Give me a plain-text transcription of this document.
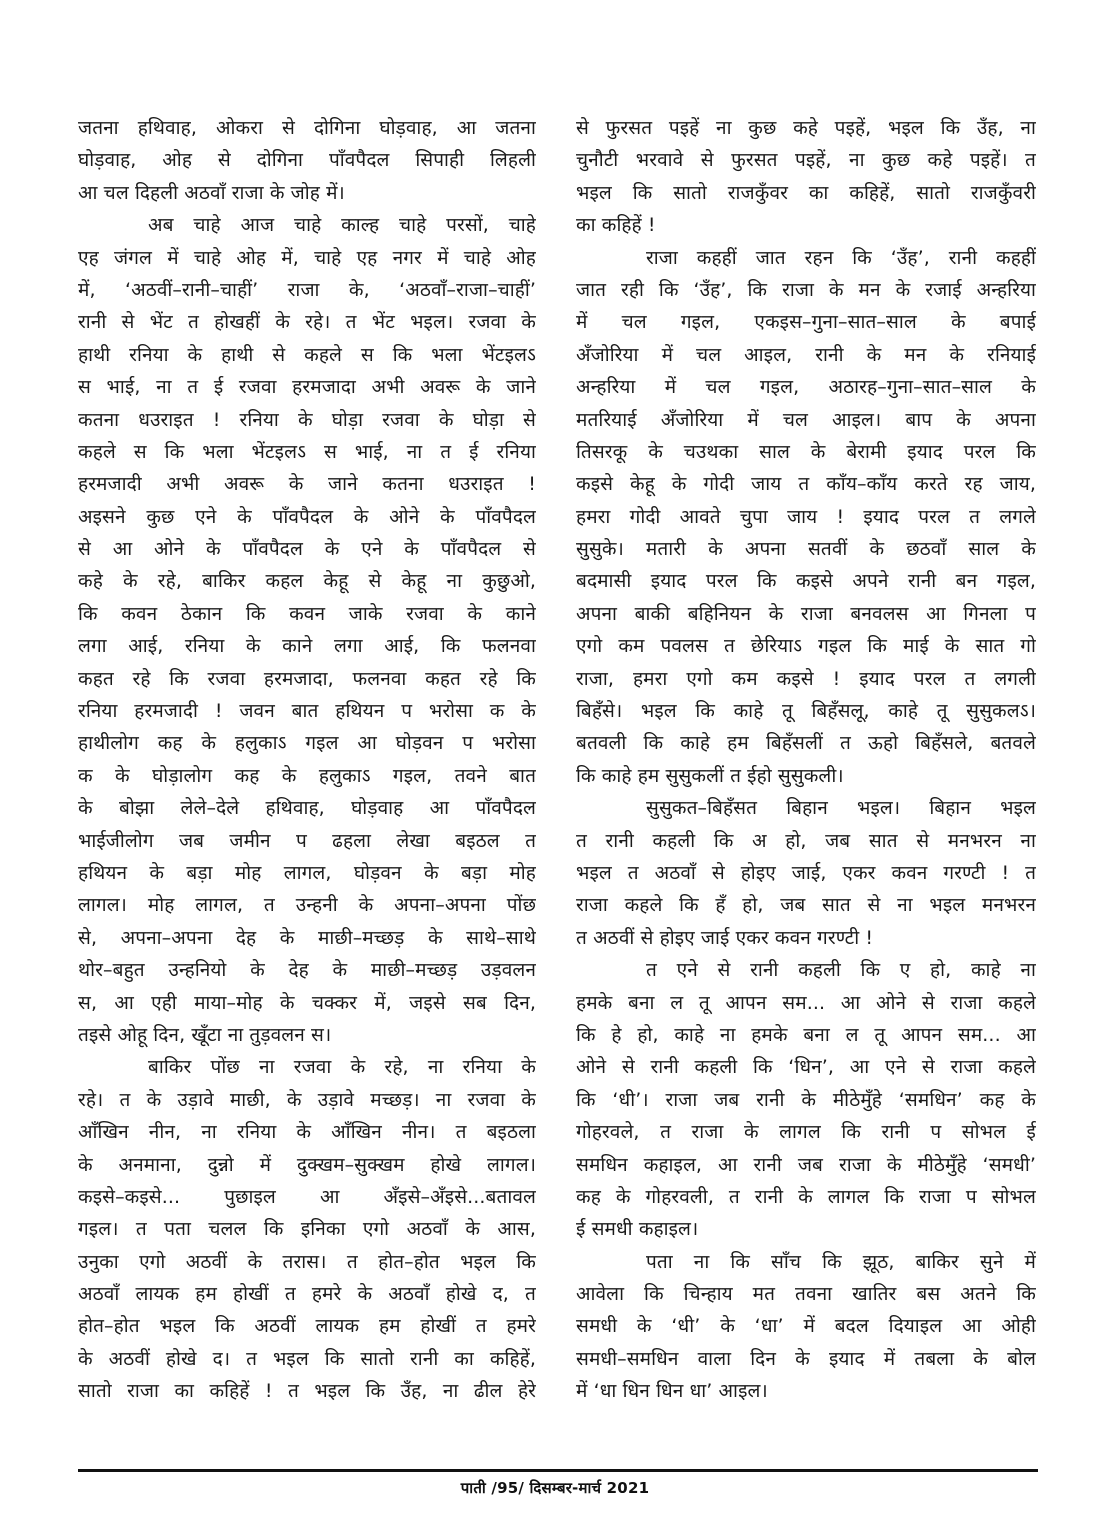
जतना हथिवाह, ओकरा से दोगिना घोड़वाह, आ जतना
घोड़वाह, ओह से दोगिना पाँवपैदल सिपाही लिहली
आ चल दिहली अठवाँ राजा के जोह में।
अब चाहे आज चाहे काल्ह चाहे परसों, चाहे
एह जंगल में चाहे ओह में, चाहे एह नगर में चाहे ओह
में, ‘अठवीं–रानी–चाहीं’ राजा के, ‘अठवाँ–राजा–चाहीं’
रानी से भेंट त होखहीं के रहे। त भेंट भइल। रजवा के
हाथी रनिया के हाथी से कहले स कि भला भेंटइलऽ
स भाई, ना त ई रजवा हरमजादा अभी अवरू के जाने
कतना धउराइत ! रनिया के घोड़ा रजवा के घोड़ा से
कहले स कि भला भेंटइलऽ स भाई, ना त ई रनिया
हरमजादी अभी अवरू के जाने कतना धउराइत !
अइसने कुछ एने के पाँवपैदल के ओने के पाँवपैदल
से आ ओने के पाँवपैदल के एने के पाँवपैदल से
कहे के रहे, बाकिर कहल केहू से केहू ना कुछुओ,
कि कवन ठेकान कि कवन जाके रजवा के काने
लगा आई, रनिया के काने लगा आई, कि फलनवा
कहत रहे कि रजवा हरमजादा, फलनवा कहत रहे कि
रनिया हरमजादी ! जवन बात हथियन प भरोसा क के
हाथीलोग कह के हलुकाऽ गइल आ घोड़वन प भरोसा
क के घोड़ालोग कह के हलुकाऽ गइल, तवने बात
के बोझा लेले–देले हथिवाह, घोड़वाह आ पाँवपैदल
भाईजीलोग जब जमीन प ढहला लेखा बइठल त
हथियन के बड़ा मोह लागल, घोड़वन के बड़ा मोह
लागल। मोह लागल, त उन्हनी के अपना–अपना पोंछ
से, अपना–अपना देह के माछी–मच्छड़ के साथे–साथे
थोर–बहुत उन्हनियो के देह के माछी–मच्छड़ उड़वलन
स, आ एही माया–मोह के चक्कर में, जइसे सब दिन,
तइसे ओहू दिन, खूँटा ना तुड़वलन स।
बाकिर पोंछ ना रजवा के रहे, ना रनिया के
रहे। त के उड़ावे माछी, के उड़ावे मच्छड़। ना रजवा के
आँखिन नीन, ना रनिया के आँखिन नीन। त बइठला
के अनमाना, दुन्नो में दुक्खम–सुक्खम होखे लागल।
कइसे–कइसे... पुछाइल आ अँइसे–अँइसे...बतावल
गइल। त पता चलल कि इनिका एगो अठवाँ के आस,
उनुका एगो अठवीं के तरास। त होत–होत भइल कि
अठवाँ लायक हम होखीं त हमरे के अठवाँ होखे द, त
होत–होत भइल कि अठवीं लायक हम होखीं त हमरे
के अठवीं होखे द। त भइल कि सातो रानी का कहिहें,
सातो राजा का कहिहें ! त भइल कि उँह, ना ढील हेरे
से फुरसत पइहें ना कुछ कहे पइहें, भइल कि उँह, ना
चुनौटी भरवावे से फुरसत पइहें, ना कुछ कहे पइहें। त
भइल कि सातो राजकुँवर का कहिहें, सातो राजकुँवरी
का कहिहें !
राजा कहहीं जात रहन कि ‘उँह’, रानी कहहीं
जात रही कि ‘उँह’, कि राजा के मन के रजाई अन्हरिया
में चल गइल, एकइस–गुना–सात–साल के बपाई
अँजोरिया में चल आइल, रानी के मन के रनियाई
अन्हरिया में चल गइल, अठारह–गुना–सात–साल के
मतरियाई अँजोरिया में चल आइल। बाप के अपना
तिसरकू के चउथका साल के बेरामी इयाद परल कि
कइसे केहू के गोदी जाय त काँय–काँय करते रह जाय,
हमरा गोदी आवते चुपा जाय ! इयाद परल त लगले
सुसुके। मतारी के अपना सतवीं के छठवाँ साल के
बदमासी इयाद परल कि कइसे अपने रानी बन गइल,
अपना बाकी बहिनियन के राजा बनवलस आ गिनला प
एगो कम पवलस त छेरियाऽ गइल कि माई के सात गो
राजा, हमरा एगो कम कइसे ! इयाद परल त लगली
बिहँसे। भइल कि काहे तू बिहँसलू, काहे तू सुसुकलऽ।
बतवली कि काहे हम बिहँसलीं त ऊहो बिहँसले, बतवले
कि काहे हम सुसुकलीं त ईहो सुसुकली।
सुसुकत–बिहँसत बिहान भइल। बिहान भइल
त रानी कहली कि अ हो, जब सात से मनभरन ना
भइल त अठवाँ से होइए जाई, एकर कवन गरण्टी ! त
राजा कहले कि हँ हो, जब सात से ना भइल मनभरन
त अठवीं से होइए जाई एकर कवन गरण्टी !
त एने से रानी कहली कि ए हो, काहे ना
हमके बना ल तू आपन सम... आ ओने से राजा कहले
कि हे हो, काहे ना हमके बना ल तू आपन सम... आ
ओने से रानी कहली कि ‘धिन’, आ एने से राजा कहले
कि ‘धी’। राजा जब रानी के मीठेमुँहे ‘समधिन’ कह के
गोहरवले, त राजा के लागल कि रानी प सोभल ई
समधिन कहाइल, आ रानी जब राजा के मीठेमुँहे ‘समधी’
कह के गोहरवली, त रानी के लागल कि राजा प सोभल
ई समधी कहाइल।
पता ना कि साँच कि झूठ, बाकिर सुने में
आवेला कि चिन्हाय मत तवना खातिर बस अतने कि
समधी के ‘धी’ के ‘धा’ में बदल दियाइल आ ओही
समधी–समधिन वाला दिन के इयाद में तबला के बोल
में ‘धा धिन धिन धा’ आइल।
पाती /95/ दिसम्बर-मार्च 2021
